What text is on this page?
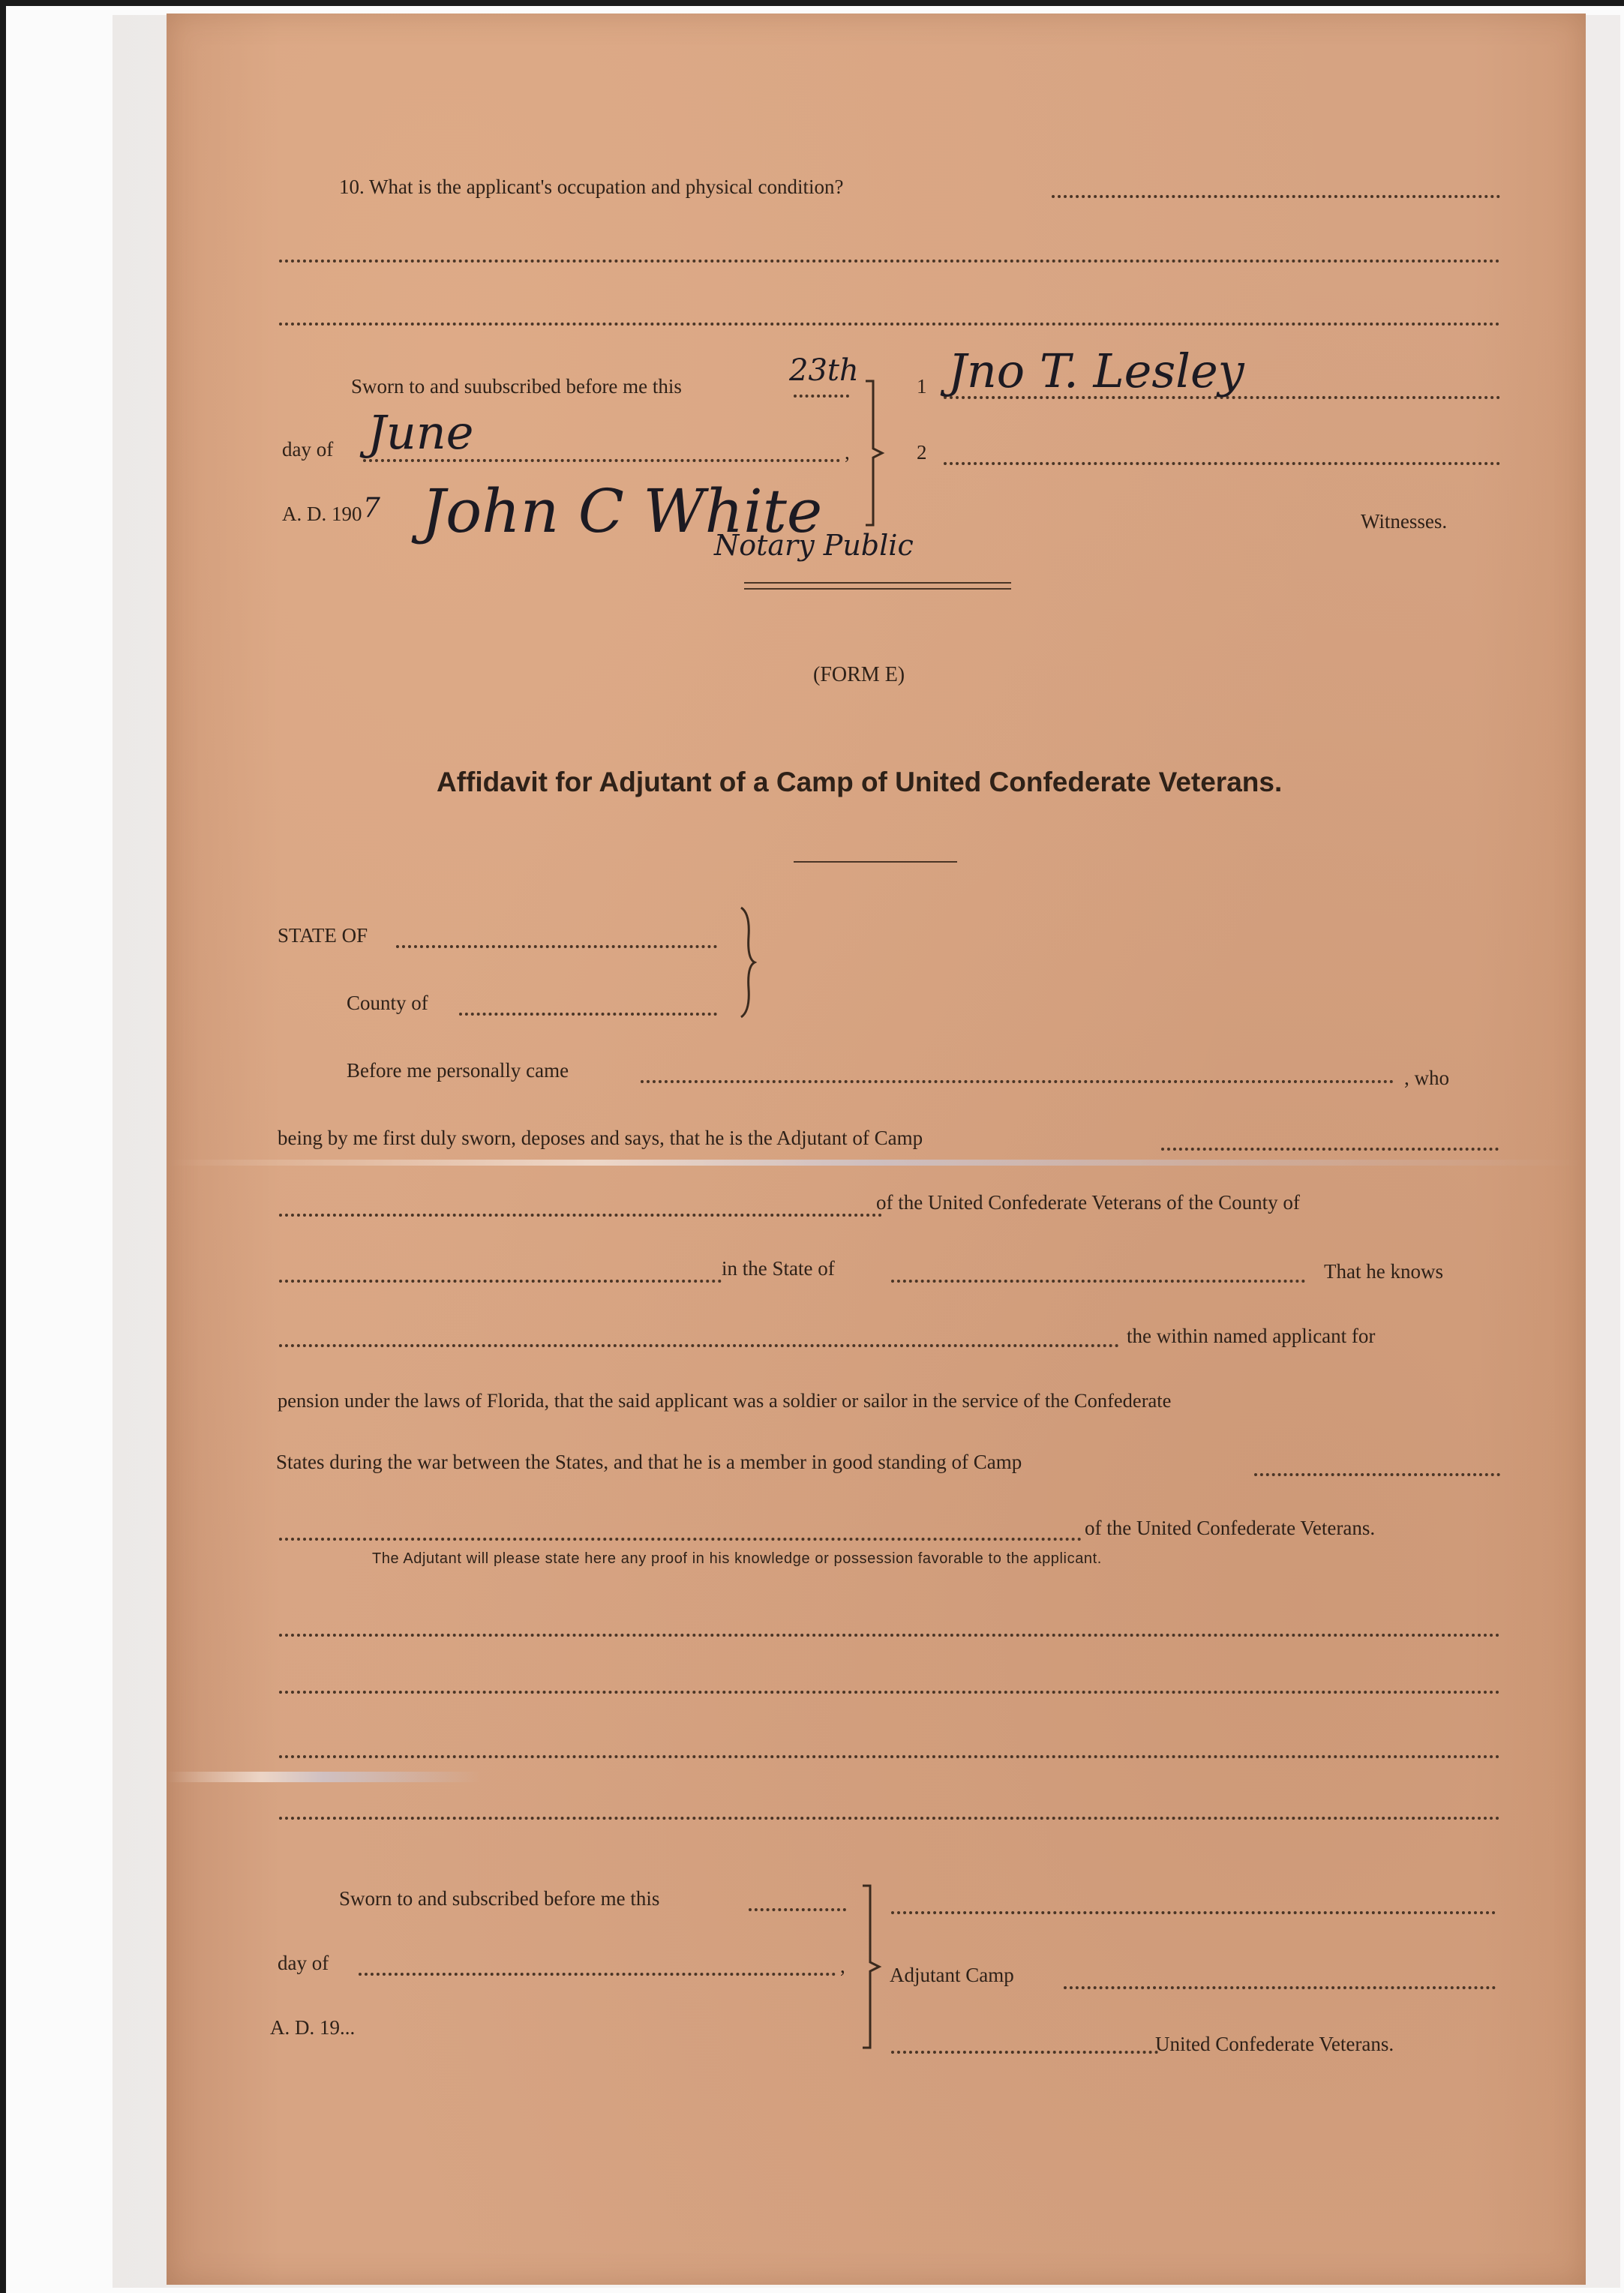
10. What is the applicant's occupation and physical condition?
Sworn to and suubscribed before me this	23th
day of	,
June
A. D. 190 7 John C White
Notary Public
1 Jno T. Lesley
2
Witnesses.
(FORM E)
Affidavit for Adjutant of a Camp of United Confederate Veterans.
STATE OF
County of
Before me personally came	, who
being by me first duly sworn, deposes and says, that he is the Adjutant of Camp
of the United Confederate Veterans of the County of
in the State of	That he knows
the within named applicant for
pension under the laws of Florida, that the said applicant was a soldier or sailor in the service of the Confederate
States during the war between the States, and that he is a member in good standing of Camp
of the United Confederate Veterans.
The Adjutant will please state here any proof in his knowledge or possession favorable to the applicant.
Sworn to and subscribed before me this
day of	,
A. D. 19...
Adjutant Camp
United Confederate Veterans.
